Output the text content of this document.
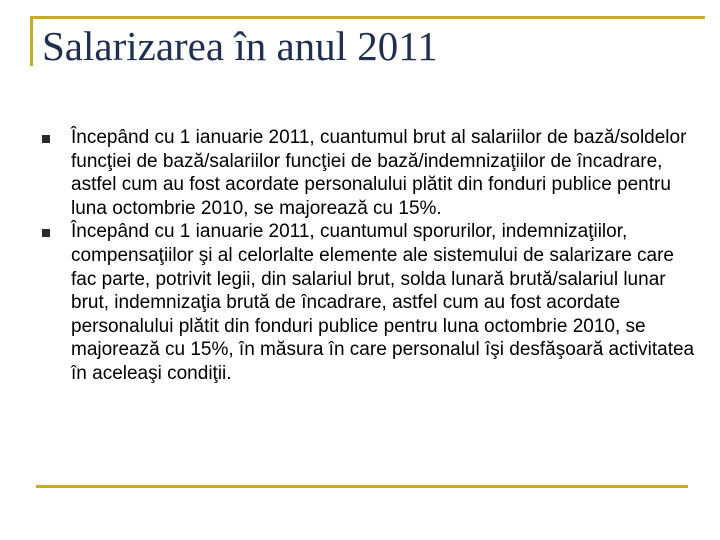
Salarizarea în anul 2011

Începând cu 1 ianuarie 2011, cuantumul brut al salariilor de bază/soldelor funcţiei de bază/salariilor funcţiei de bază/indemnizaţiilor de încadrare, astfel cum au fost acordate personalului plătit din fonduri publice pentru luna octombrie 2010, se majorează cu 15%.

Începând cu 1 ianuarie 2011, cuantumul sporurilor, indemnizaţiilor, compensaţiilor şi al celorlalte elemente ale sistemului de salarizare care fac parte, potrivit legii, din salariul brut, solda lunară brută/salariul lunar brut, indemnizaţia brută de încadrare, astfel cum au fost acordate personalului plătit din fonduri publice pentru luna octombrie 2010, se majorează cu 15%, în măsura în care personalul îşi desfăşoară activitatea în aceleaşi condiţii.
